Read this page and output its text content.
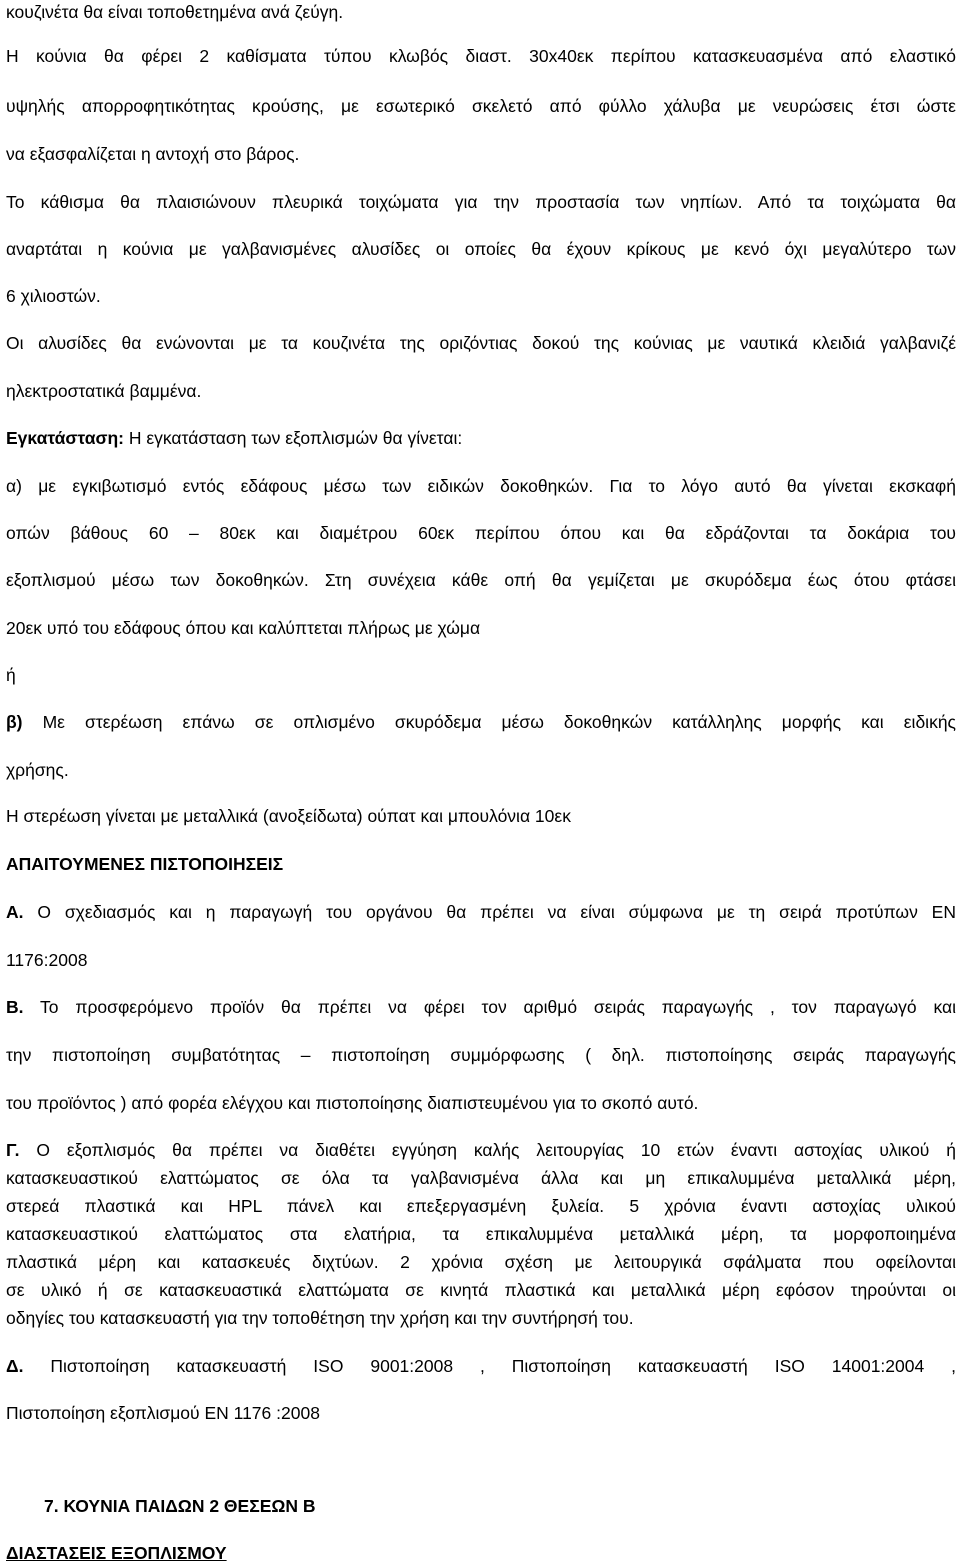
κουζινέτα θα είναι τοποθετημένα ανά ζεύγη.
Η κούνια θα φέρει 2 καθίσματα τύπου κλωβός διαστ. 30x40εκ περίπου κατασκευασμένα από ελαστικό
υψηλής απορροφητικότητας κρούσης, με εσωτερικό σκελετό από φύλλο χάλυβα με νευρώσεις έτσι ώστε
να εξασφαλίζεται η αντοχή στο βάρος.
Το κάθισμα θα πλαισιώνουν πλευρικά τοιχώματα για την προστασία των νηπίων. Από τα τοιχώματα θα
αναρτάται η κούνια με γαλβανισμένες αλυσίδες οι οποίες θα έχουν κρίκους με κενό όχι μεγαλύτερο των
6 χιλιοστών.
Οι αλυσίδες θα ενώνονται με τα κουζινέτα της οριζόντιας δοκού της κούνιας με ναυτικά κλειδιά γαλβανιζέ
ηλεκτροστατικά βαμμένα.
Εγκατάσταση: Η εγκατάσταση των εξοπλισμών θα γίνεται:
α) με εγκιβωτισμό εντός εδάφους μέσω των ειδικών δοκοθηκών. Για το λόγο αυτό θα γίνεται εκσκαφή
οπών βάθους 60 – 80εκ και διαμέτρου 60εκ περίπου όπου και θα εδράζονται τα δοκάρια του
εξοπλισμού μέσω των δοκοθηκών. Στη συνέχεια κάθε οπή θα γεμίζεται με σκυρόδεμα έως ότου φτάσει
20εκ υπό του εδάφους όπου και καλύπτεται πλήρως με χώμα
ή
β) Με στερέωση επάνω σε οπλισμένο σκυρόδεμα μέσω δοκοθηκών κατάλληλης μορφής και ειδικής
χρήσης.
Η στερέωση γίνεται με μεταλλικά (ανοξείδωτα) ούπατ και μπουλόνια 10εκ
ΑΠΑΙΤΟΥΜΕΝΕΣ ΠΙΣΤΟΠΟΙΗΣΕΙΣ
Α. Ο σχεδιασμός και η παραγωγή του οργάνου θα πρέπει να είναι σύμφωνα με τη σειρά προτύπων EN
1176:2008
Β. Το προσφερόμενο προϊόν θα πρέπει να φέρει τον αριθμό σειράς παραγωγής , τον παραγωγό και
την πιστοποίηση συμβατότητας – πιστοποίηση συμμόρφωσης ( δηλ. πιστοποίησης σειράς παραγωγής
του προϊόντος ) από φορέα ελέγχου και πιστοποίησης διαπιστευμένου για το σκοπό αυτό.
Γ. Ο εξοπλισμός θα πρέπει να διαθέτει εγγύηση καλής λειτουργίας 10 ετών έναντι αστοχίας υλικού ή
κατασκευαστικού ελαττώματος σε όλα τα γαλβανισμένα άλλα και μη επικαλυμμένα μεταλλικά μέρη,
στερεά πλαστικά και HPL πάνελ και επεξεργασμένη ξυλεία. 5 χρόνια έναντι αστοχίας υλικού
κατασκευαστικού ελαττώματος στα ελατήρια, τα επικαλυμμένα μεταλλικά μέρη, τα μορφοποιημένα
πλαστικά μέρη και κατασκευές διχτύων. 2 χρόνια σχέση με λειτουργικά σφάλματα που οφείλονται
σε υλικό ή σε κατασκευαστικά ελαττώματα σε κινητά πλαστικά και μεταλλικά μέρη εφόσον τηρούνται οι
οδηγίες του κατασκευαστή για την τοποθέτηση την χρήση και την συντήρησή του.
Δ. Πιστοποίηση κατασκευαστή ISO 9001:2008 , Πιστοποίηση κατασκευαστή ISO 14001:2004 ,
Πιστοποίηση εξοπλισμού ΕΝ 1176 :2008
7. ΚΟΥΝΙΑ ΠΑΙΔΩΝ 2 ΘΕΣΕΩΝ Β
ΔΙΑΣΤΑΣΕΙΣ ΕΞΟΠΛΙΣΜΟΥ
